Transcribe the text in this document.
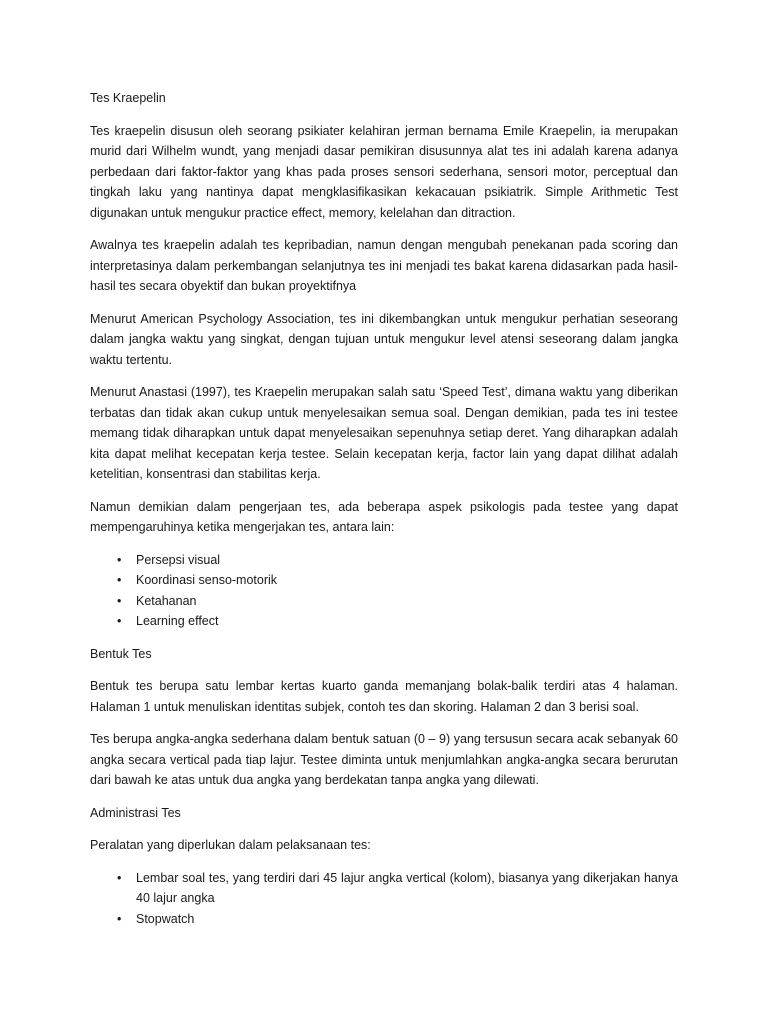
Tes Kraepelin

Tes kraepelin disusun oleh seorang psikiater kelahiran jerman bernama Emile Kraepelin, ia merupakan murid dari Wilhelm wundt, yang menjadi dasar pemikiran disusunnya alat tes ini adalah karena adanya perbedaan dari faktor-faktor yang khas pada proses sensori sederhana, sensori motor, perceptual dan tingkah laku yang nantinya dapat mengklasifikasikan kekacauan psikiatrik. Simple Arithmetic Test digunakan untuk mengukur practice effect, memory, kelelahan dan ditraction.

Awalnya tes kraepelin adalah tes kepribadian, namun dengan mengubah penekanan pada scoring dan interpretasinya dalam perkembangan selanjutnya tes ini menjadi tes bakat karena didasarkan pada hasil-hasil tes secara obyektif dan bukan proyektifnya

Menurut American Psychology Association, tes ini dikembangkan untuk mengukur perhatian seseorang dalam jangka waktu yang singkat, dengan tujuan untuk mengukur level atensi seseorang dalam jangka waktu tertentu.

Menurut Anastasi (1997), tes Kraepelin merupakan salah satu ‘Speed Test’, dimana waktu yang diberikan terbatas dan tidak akan cukup untuk menyelesaikan semua soal. Dengan demikian, pada tes ini testee memang tidak diharapkan untuk dapat menyelesaikan sepenuhnya setiap deret. Yang diharapkan adalah kita dapat melihat kecepatan kerja testee. Selain kecepatan kerja, factor lain yang dapat dilihat adalah ketelitian, konsentrasi dan stabilitas kerja.

Namun demikian dalam pengerjaan tes, ada beberapa aspek psikologis pada testee yang dapat mempengaruhinya ketika mengerjakan tes, antara lain:

• Persepsi visual
• Koordinasi senso-motorik
• Ketahanan
• Learning effect

Bentuk Tes

Bentuk tes berupa satu lembar kertas kuarto ganda memanjang bolak-balik terdiri atas 4 halaman. Halaman 1 untuk menuliskan identitas subjek, contoh tes dan skoring. Halaman 2 dan 3 berisi soal.

Tes berupa angka-angka sederhana dalam bentuk satuan (0 – 9) yang tersusun secara acak sebanyak 60 angka secara vertical pada tiap lajur. Testee diminta untuk menjumlahkan angka-angka secara berurutan dari bawah ke atas untuk dua angka yang berdekatan tanpa angka yang dilewati.

Administrasi Tes

Peralatan yang diperlukan dalam pelaksanaan tes:

• Lembar soal tes, yang terdiri dari 45 lajur angka vertical (kolom), biasanya yang dikerjakan hanya 40 lajur angka
• Stopwatch
